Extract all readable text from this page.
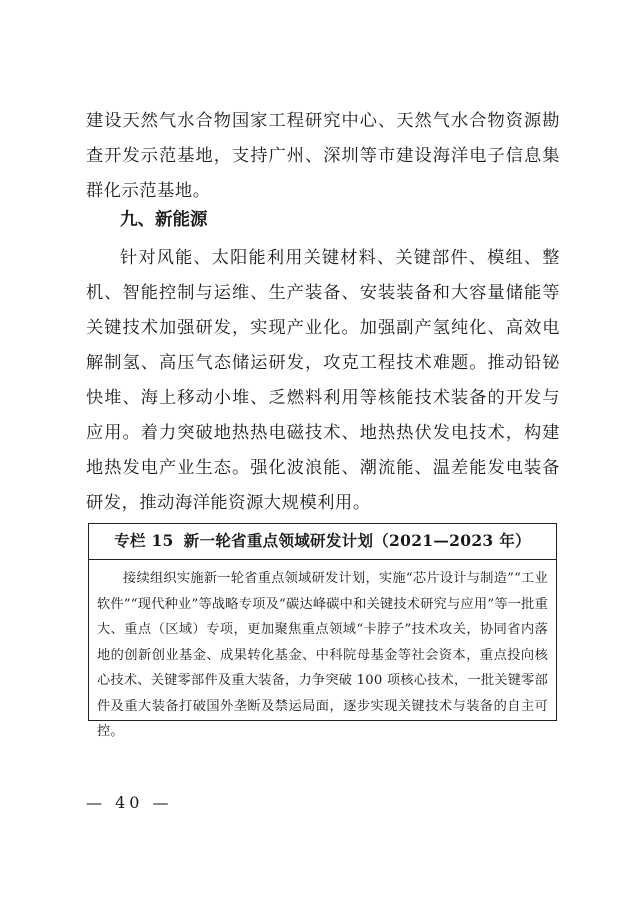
建设天然气水合物国家工程研究中心、天然气水合物资源勘查开发示范基地，支持广州、深圳等市建设海洋电子信息集群化示范基地。

九、新能源

针对风能、太阳能利用关键材料、关键部件、模组、整机、智能控制与运维、生产装备、安装装备和大容量储能等关键技术加强研发，实现产业化。加强副产氢纯化、高效电解制氢、高压气态储运研发，攻克工程技术难题。推动铅铋快堆、海上移动小堆、乏燃料利用等核能技术装备的开发与应用。着力突破地热热电磁技术、地热热伏发电技术，构建地热发电产业生态。强化波浪能、潮流能、温差能发电装备研发，推动海洋能资源大规模利用。

专栏 15 新一轮省重点领域研发计划（2021—2023 年）

接续组织实施新一轮省重点领域研发计划，实施“芯片设计与制造”“工业软件”“现代种业”等战略专项及“碳达峰碳中和关键技术研究与应用”等一批重大、重点（区域）专项，更加聚焦重点领域“卡脖子”技术攻关，协同省内落地的创新创业基金、成果转化基金、中科院母基金等社会资本，重点投向核心技术、关键零部件及重大装备，力争突破 100 项核心技术，一批关键零部件及重大装备打破国外垄断及禁运局面，逐步实现关键技术与装备的自主可控。

— 40 —
